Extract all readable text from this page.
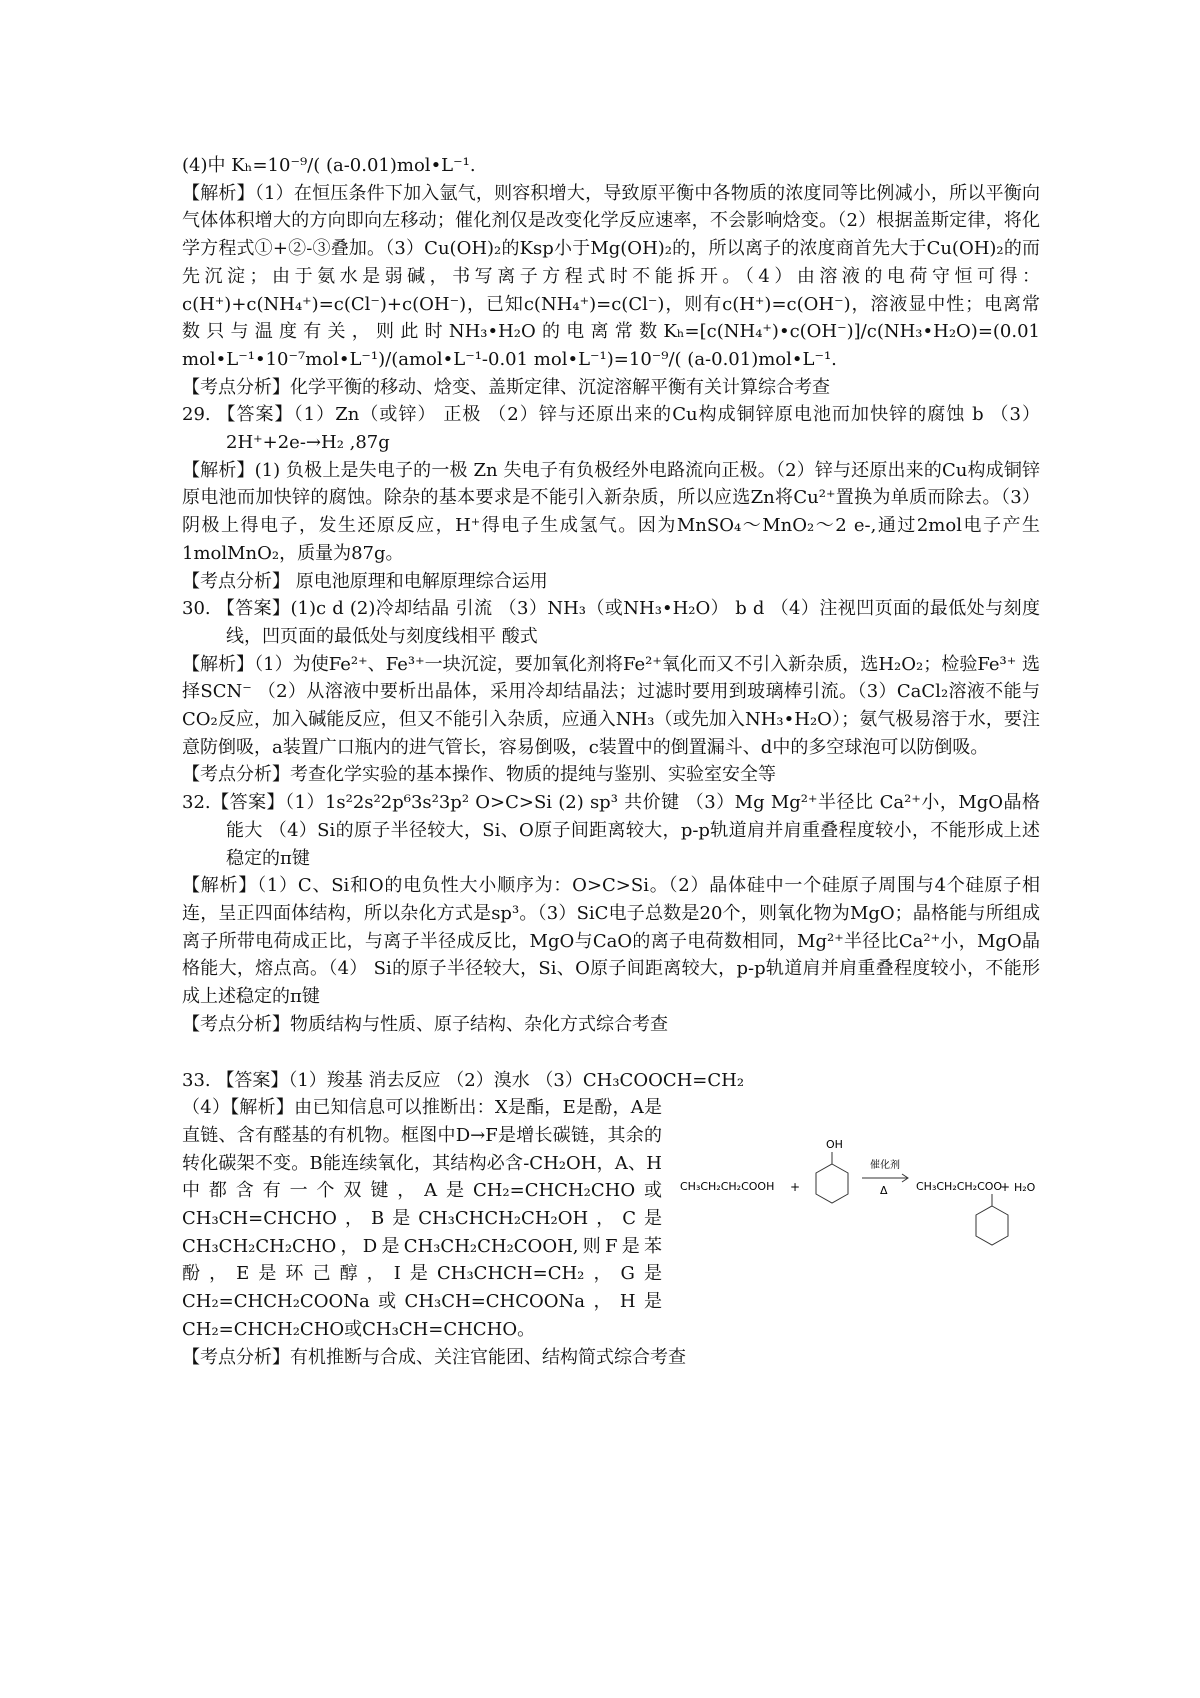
(4)中 Kₕ=10⁻⁹/( (a-0.01)mol•L⁻¹.

【解析】（1）在恒压条件下加入氩气，则容积增大，导致原平衡中各物质的浓度同等比例减小，所以平衡向气体体积增大的方向即向左移动；催化剂仅是改变化学反应速率，不会影响焓变。（2）根据盖斯定律，将化学方程式①+②-③叠加。（3）Cu(OH)₂的Ksp小于Mg(OH)₂的，所以离子的浓度商首先大于Cu(OH)₂的而先沉淀；由于氨水是弱碱，书写离子方程式时不能拆开。（4）由溶液的电荷守恒可得：c(H⁺)+c(NH₄⁺)=c(Cl⁻)+c(OH⁻)，已知c(NH₄⁺)=c(Cl⁻)，则有c(H⁺)=c(OH⁻)，溶液显中性；电离常数只与温度有关，则此时NH₃•H₂O的电离常数Kₕ=[c(NH₄⁺)•c(OH⁻)]/c(NH₃•H₂O)=(0.01 mol•L⁻¹•10⁻⁷mol•L⁻¹)/(amol•L⁻¹-0.01 mol•L⁻¹)=10⁻⁹/( (a-0.01)mol•L⁻¹.

【考点分析】化学平衡的移动、焓变、盖斯定律、沉淀溶解平衡有关计算综合考查

29. 【答案】（1）Zn（或锌） 正极 （2）锌与还原出来的Cu构成铜锌原电池而加快锌的腐蚀 b （3）2H⁺+2e-→H₂ ,87g

【解析】(1) 负极上是失电子的一极 Zn 失电子有负极经外电路流向正极。（2）锌与还原出来的Cu构成铜锌原电池而加快锌的腐蚀。除杂的基本要求是不能引入新杂质，所以应选Zn将Cu²⁺置换为单质而除去。（3）阴极上得电子，发生还原反应，H⁺得电子生成氢气。因为MnSO₄～MnO₂～2 e-,通过2mol电子产生1molMnO₂，质量为87g。

【考点分析】 原电池原理和电解原理综合运用

30. 【答案】(1)c d (2)冷却结晶 引流 （3）NH₃（或NH₃•H₂O） b d （4）注视凹页面的最低处与刻度线，凹页面的最低处与刻度线相平 酸式

【解析】（1）为使Fe²⁺、Fe³⁺一块沉淀，要加氧化剂将Fe²⁺氧化而又不引入新杂质，选H₂O₂；检验Fe³⁺ 选择SCN⁻ （2）从溶液中要析出晶体，采用冷却结晶法；过滤时要用到玻璃棒引流。（3）CaCl₂溶液不能与CO₂反应，加入碱能反应，但又不能引入杂质，应通入NH₃（或先加入NH₃•H₂O）；氨气极易溶于水，要注意防倒吸，a装置广口瓶内的进气管长，容易倒吸，c装置中的倒置漏斗、d中的多空球泡可以防倒吸。

【考点分析】考查化学实验的基本操作、物质的提纯与鉴别、实验室安全等

32.【答案】（1）1s²2s²2p⁶3s²3p² O>C>Si (2) sp³ 共价键 （3）Mg Mg²⁺半径比 Ca²⁺小，MgO晶格能大 （4）Si的原子半径较大，Si、O原子间距离较大，p-p轨道肩并肩重叠程度较小，不能形成上述稳定的π键

【解析】（1）C、Si和O的电负性大小顺序为：O>C>Si。（2）晶体硅中一个硅原子周围与4个硅原子相连，呈正四面体结构，所以杂化方式是sp³。（3）SiC电子总数是20个，则氧化物为MgO；晶格能与所组成离子所带电荷成正比，与离子半径成反比，MgO与CaO的离子电荷数相同，Mg²⁺半径比Ca²⁺小，MgO晶格能大，熔点高。（4） Si的原子半径较大，Si、O原子间距离较大，p-p轨道肩并肩重叠程度较小，不能形成上述稳定的π键

【考点分析】物质结构与性质、原子结构、杂化方式综合考查

33. 【答案】（1）羧基 消去反应 （2）溴水 （3）CH₃COOCH=CH₂

CH₃CH₂CH₂COOH +
OH
催化剂
Δ	CH₃CH₂CH₂COO
+ H₂O

（4）【解析】由已知信息可以推断出：X是酯，E是酚，A是直链、含有醛基的有机物。框图中D→F是增长碳链，其余的转化碳架不变。B能连续氧化，其结构必含-CH₂OH，A、H中都含有一个双键，A是CH₂=CHCH₂CHO或CH₃CH=CHCHO，B是CH₃CHCH₂CH₂OH，C是CH₃CH₂CH₂CHO，D是CH₃CH₂CH₂COOH,则F是苯酚，E是环己醇，I是CH₃CHCH=CH₂，G是CH₂=CHCH₂COONa或CH₃CH=CHCOONa，H是CH₂=CHCH₂CHO或CH₃CH=CHCHO。

【考点分析】有机推断与合成、关注官能团、结构简式综合考查
